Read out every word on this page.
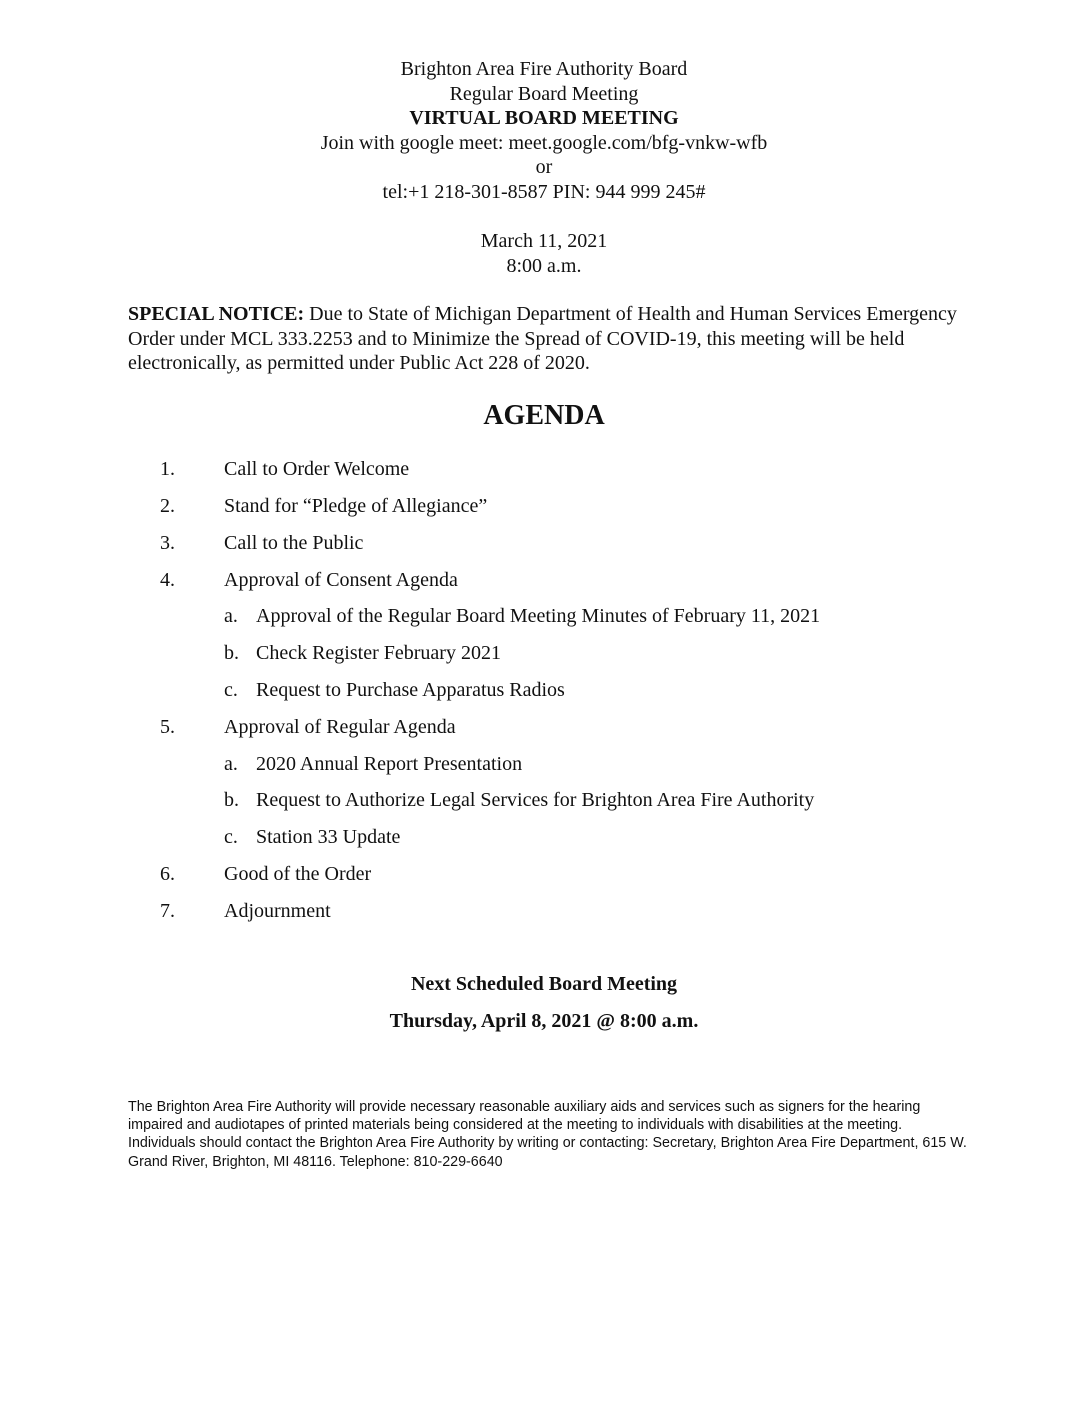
Brighton Area Fire Authority Board
Regular Board Meeting
VIRTUAL BOARD MEETING
Join with google meet: meet.google.com/bfg-vnkw-wfb
or
tel:+1 218-301-8587 PIN: 944 999 245#
March 11, 2021
8:00 a.m.
SPECIAL NOTICE: Due to State of Michigan Department of Health and Human Services Emergency Order under MCL 333.2253 and to Minimize the Spread of COVID-19, this meeting will be held electronically, as permitted under Public Act 228 of 2020.
AGENDA
1. Call to Order Welcome
2. Stand for “Pledge of Allegiance”
3. Call to the Public
4. Approval of Consent Agenda
a. Approval of the Regular Board Meeting Minutes of February 11, 2021
b. Check Register February 2021
c. Request to Purchase Apparatus Radios
5. Approval of Regular Agenda
a. 2020 Annual Report Presentation
b. Request to Authorize Legal Services for Brighton Area Fire Authority
c. Station 33 Update
6. Good of the Order
7. Adjournment
Next Scheduled Board Meeting
Thursday, April 8, 2021 @ 8:00 a.m.
The Brighton Area Fire Authority will provide necessary reasonable auxiliary aids and services such as signers for the hearing impaired and audiotapes of printed materials being considered at the meeting to individuals with disabilities at the meeting. Individuals should contact the Brighton Area Fire Authority by writing or contacting: Secretary, Brighton Area Fire Department, 615 W. Grand River, Brighton, MI 48116. Telephone: 810-229-6640
